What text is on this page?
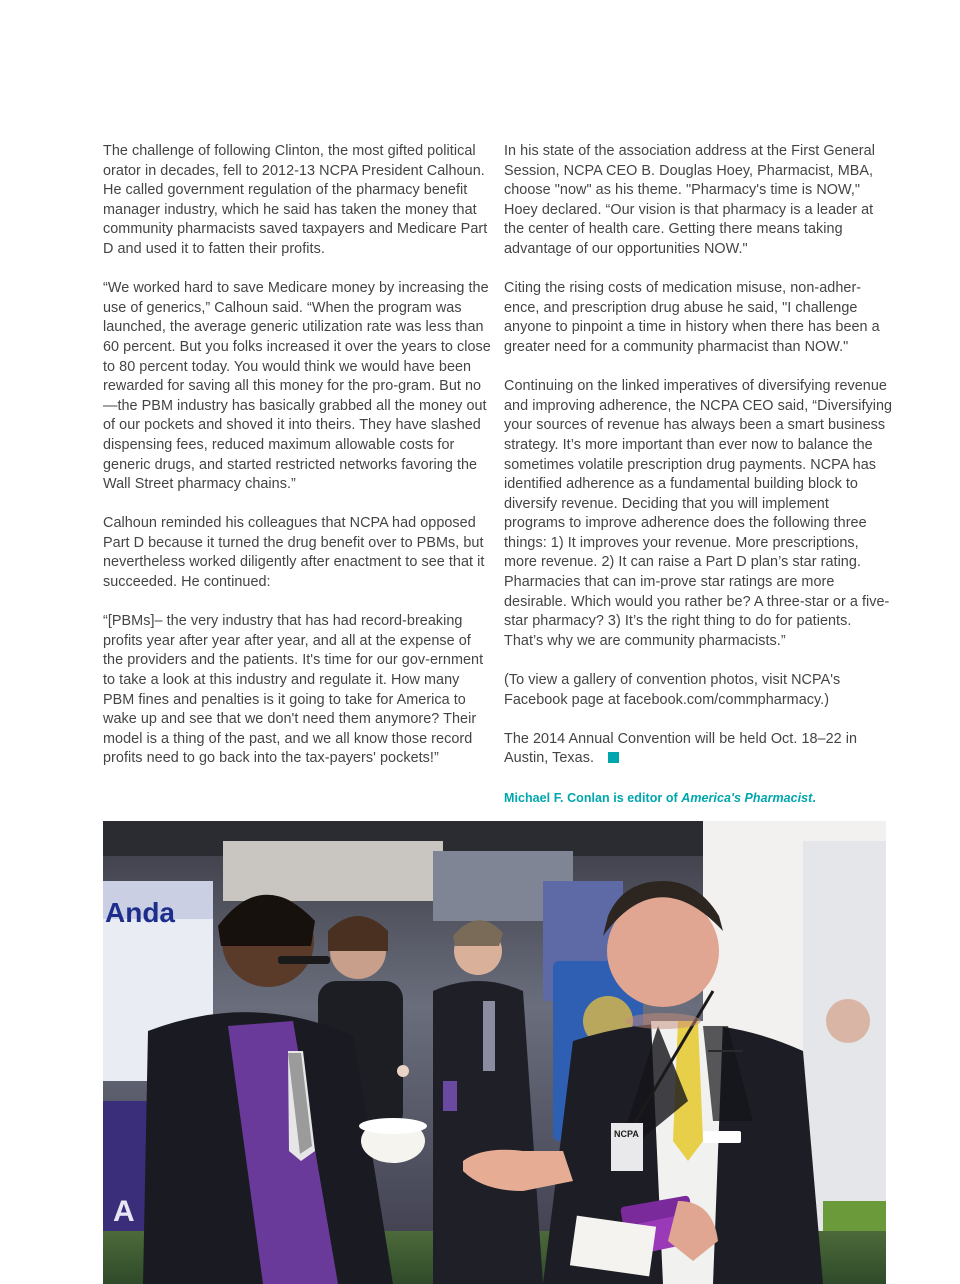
The challenge of following Clinton, the most gifted political orator in decades, fell to 2012-13 NCPA President Calhoun. He called government regulation of the pharmacy benefit manager industry, which he said has taken the money that community pharmacists saved taxpayers and Medicare Part D and used it to fatten their profits.

“We worked hard to save Medicare money by increasing the use of generics,” Calhoun said. “When the program was launched, the average generic utilization rate was less than 60 percent. But you folks increased it over the years to close to 80 percent today. You would think we would have been rewarded for saving all this money for the pro-gram. But no—the PBM industry has basically grabbed all the money out of our pockets and shoved it into theirs. They have slashed dispensing fees, reduced maximum allowable costs for generic drugs, and started restricted networks favoring the Wall Street pharmacy chains.”

Calhoun reminded his colleagues that NCPA had opposed Part D because it turned the drug benefit over to PBMs, but nevertheless worked diligently after enactment to see that it succeeded. He continued:

“[PBMs]– the very industry that has had record-breaking profits year after year after year, and all at the expense of the providers and the patients. It's time for our gov-ernment to take a look at this industry and regulate it. How many PBM fines and penalties is it going to take for America to wake up and see that we don't need them anymore? Their model is a thing of the past, and we all know those record profits need to go back into the tax-payers' pockets!”

In his state of the association address at the First General Session, NCPA CEO B. Douglas Hoey, Pharmacist, MBA, choose "now" as his theme. "Pharmacy's time is NOW," Hoey declared. “Our vision is that pharmacy is a leader at the center of health care. Getting there means taking advantage of our opportunities NOW."

Citing the rising costs of medication misuse, non-adher-ence, and prescription drug abuse he said, "I challenge anyone to pinpoint a time in history when there has been a greater need for a community pharmacist than NOW."

Continuing on the linked imperatives of diversifying revenue and improving adherence, the NCPA CEO said, “Diversifying your sources of revenue has always been a smart business strategy. It’s more important than ever now to balance the sometimes volatile prescription drug payments. NCPA has identified adherence as a fundamental building block to diversify revenue. Deciding that you will implement programs to improve adherence does the following three things: 1) It improves your revenue. More prescriptions, more revenue. 2) It can raise a Part D plan’s star rating. Pharmacies that can im-prove star ratings are more desirable. Which would you rather be? A three-star or a five-star pharmacy? 3) It’s the right thing to do for patients. That’s why we are community pharmacists.”

(To view a gallery of convention photos, visit NCPA's Facebook page at facebook.com/commpharmacy.)

The 2014 Annual Convention will be held Oct. 18–22 in Austin, Texas.

Michael F. Conlan is editor of America's Pharmacist.

Anda
A
NCPA
